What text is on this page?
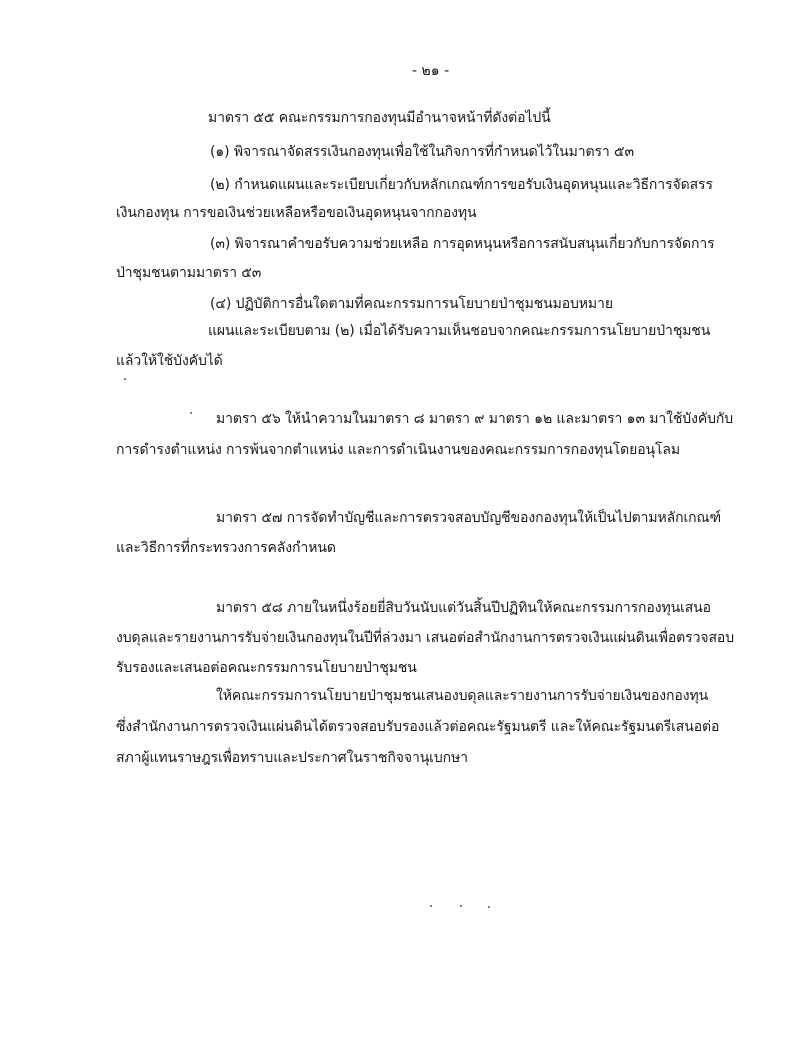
- ๒๑ -
มาตรา ๕๕ คณะกรรมการกองทุนมีอำนาจหน้าที่ดังต่อไปนี้
(๑) พิจารณาจัดสรรเงินกองทุนเพื่อใช้ในกิจการที่กำหนดไว้ในมาตรา ๕๓
(๒) กำหนดแผนและระเบียบเกี่ยวกับหลักเกณฑ์การขอรับเงินอุดหนุนและวิธีการจัดสรร
เงินกองทุน การขอเงินช่วยเหลือหรือขอเงินอุดหนุนจากกองทุน
(๓) พิจารณาคำขอรับความช่วยเหลือ การอุดหนุนหรือการสนับสนุนเกี่ยวกับการจัดการ
ป่าชุมชนตามมาตรา ๕๓
(๔) ปฏิบัติการอื่นใดตามที่คณะกรรมการนโยบายป่าชุมชนมอบหมาย
แผนและระเบียบตาม (๒) เมื่อได้รับความเห็นชอบจากคณะกรรมการนโยบายป่าชุมชน
แล้วให้ใช้บังคับได้
มาตรา ๕๖ ให้นำความในมาตรา ๘ มาตรา ๙ มาตรา ๑๒ และมาตรา ๑๓ มาใช้บังคับกับ
การดำรงตำแหน่ง การพ้นจากตำแหน่ง และการดำเนินงานของคณะกรรมการกองทุนโดยอนุโลม
มาตรา ๕๗ การจัดทำบัญชีและการตรวจสอบบัญชีของกองทุนให้เป็นไปตามหลักเกณฑ์
และวิธีการที่กระทรวงการคลังกำหนด
มาตรา ๕๘ ภายในหนึ่งร้อยยี่สิบวันนับแต่วันสิ้นปีปฏิทินให้คณะกรรมการกองทุนเสนอ
งบดุลและรายงานการรับจ่ายเงินกองทุนในปีที่ล่วงมา เสนอต่อสำนักงานการตรวจเงินแผ่นดินเพื่อตรวจสอบ
รับรองและเสนอต่อคณะกรรมการนโยบายป่าชุมชน
ให้คณะกรรมการนโยบายป่าชุมชนเสนองบดุลและรายงานการรับจ่ายเงินของกองทุน
ซึ่งสำนักงานการตรวจเงินแผ่นดินได้ตรวจสอบรับรองแล้วต่อคณะรัฐมนตรี และให้คณะรัฐมนตรีเสนอต่อ
สภาผู้แทนราษฎรเพื่อทราบและประกาศในราชกิจจานุเบกษา
